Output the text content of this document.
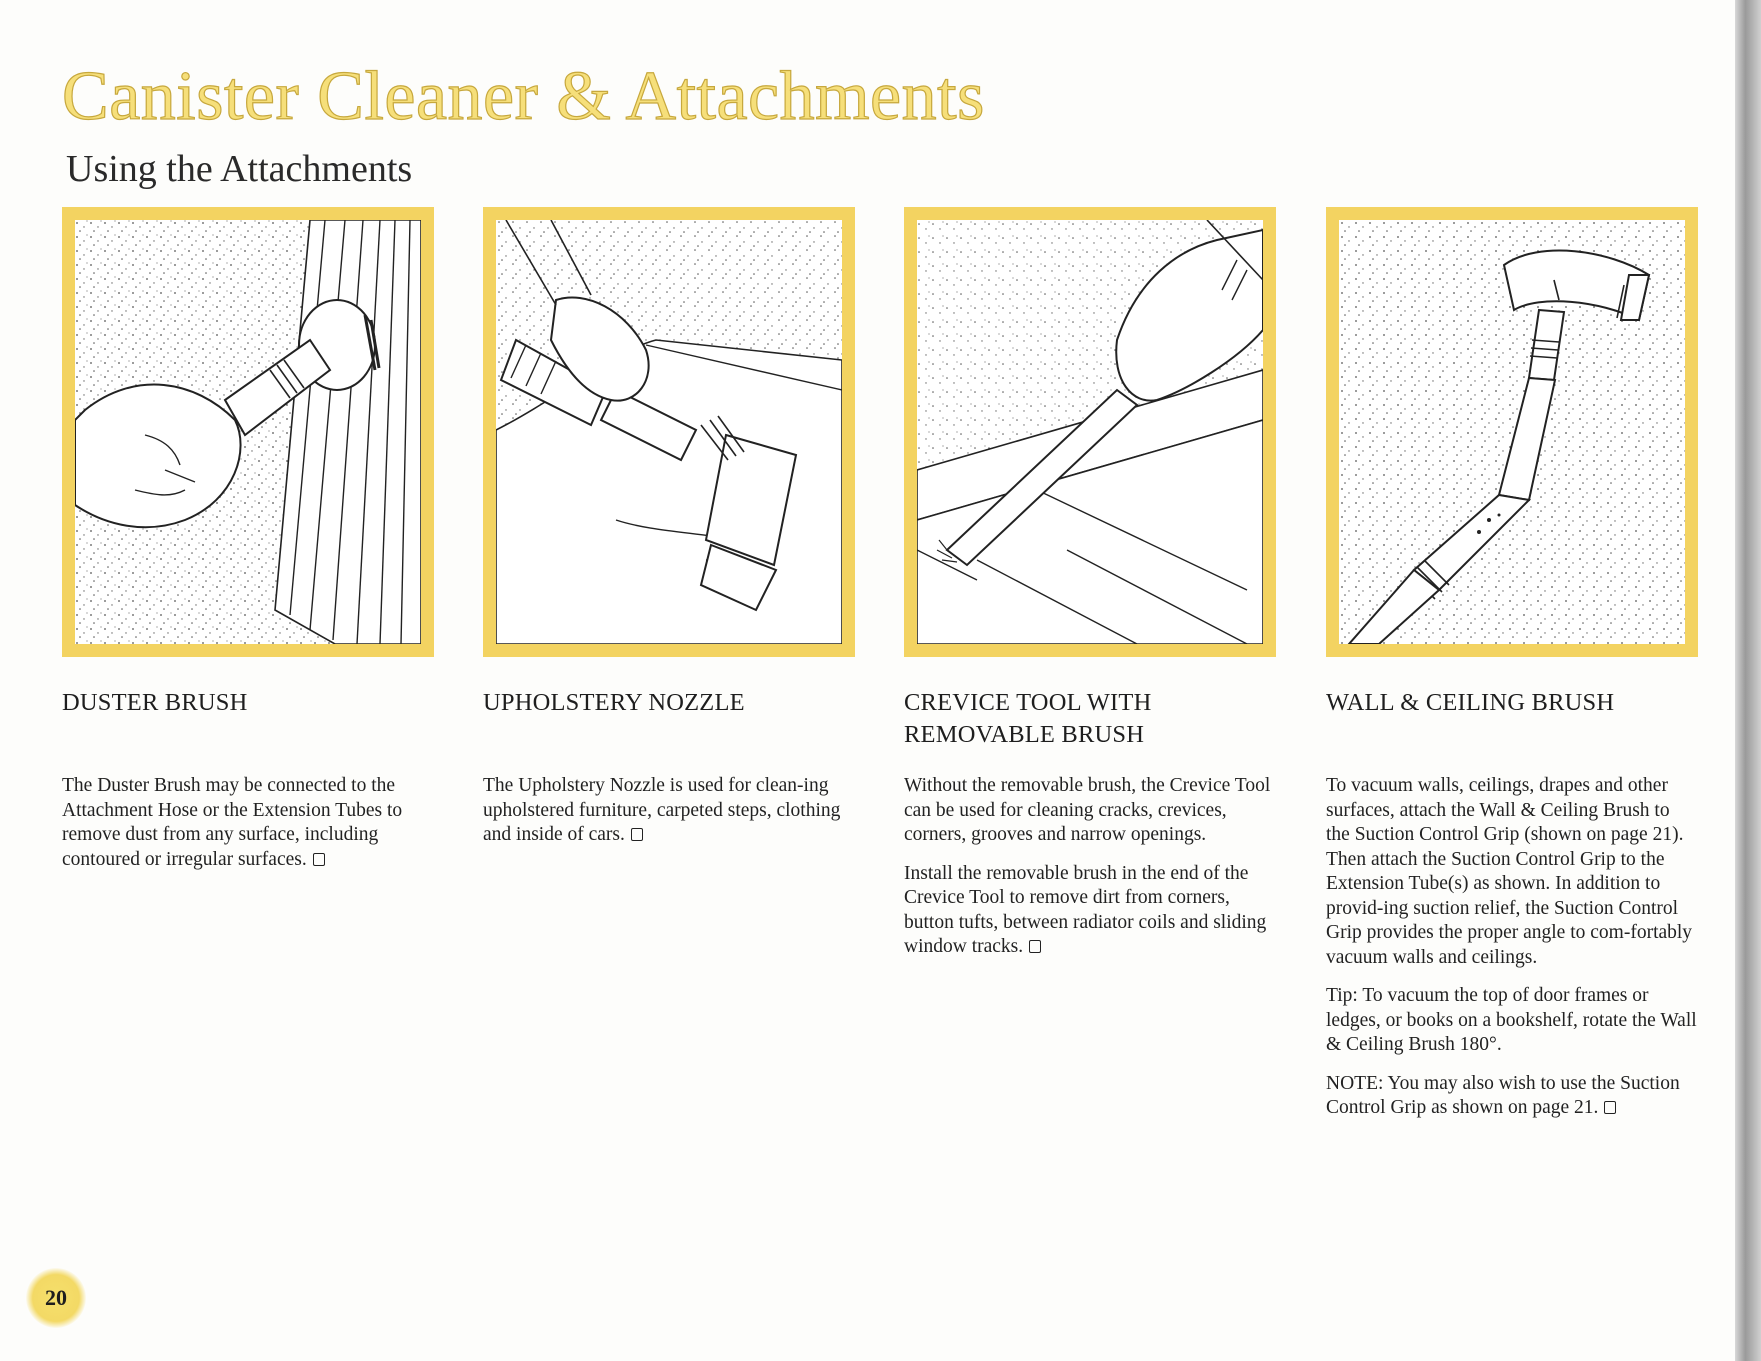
Canister Cleaner & Attachments
Using the Attachments
DUSTER BRUSH

The Duster Brush may be connected to the Attachment Hose or the Extension Tubes to remove dust from any surface, including contoured or irregular surfaces.

UPHOLSTERY NOZZLE

The Upholstery Nozzle is used for clean-ing upholstered furniture, carpeted steps, clothing and inside of cars.

CREVICE TOOL WITH REMOVABLE BRUSH

Without the removable brush, the Crevice Tool can be used for cleaning cracks, crevices, corners, grooves and narrow openings.

Install the removable brush in the end of the Crevice Tool to remove dirt from corners, button tufts, between radiator coils and sliding window tracks.

WALL & CEILING BRUSH

To vacuum walls, ceilings, drapes and other surfaces, attach the Wall & Ceiling Brush to the Suction Control Grip (shown on page 21). Then attach the Suction Control Grip to the Extension Tube(s) as shown. In addition to provid-ing suction relief, the Suction Control Grip provides the proper angle to com-fortably vacuum walls and ceilings.

Tip: To vacuum the top of door frames or ledges, or books on a bookshelf, rotate the Wall & Ceiling Brush 180°.

NOTE: You may also wish to use the Suction Control Grip as shown on page 21.

20
